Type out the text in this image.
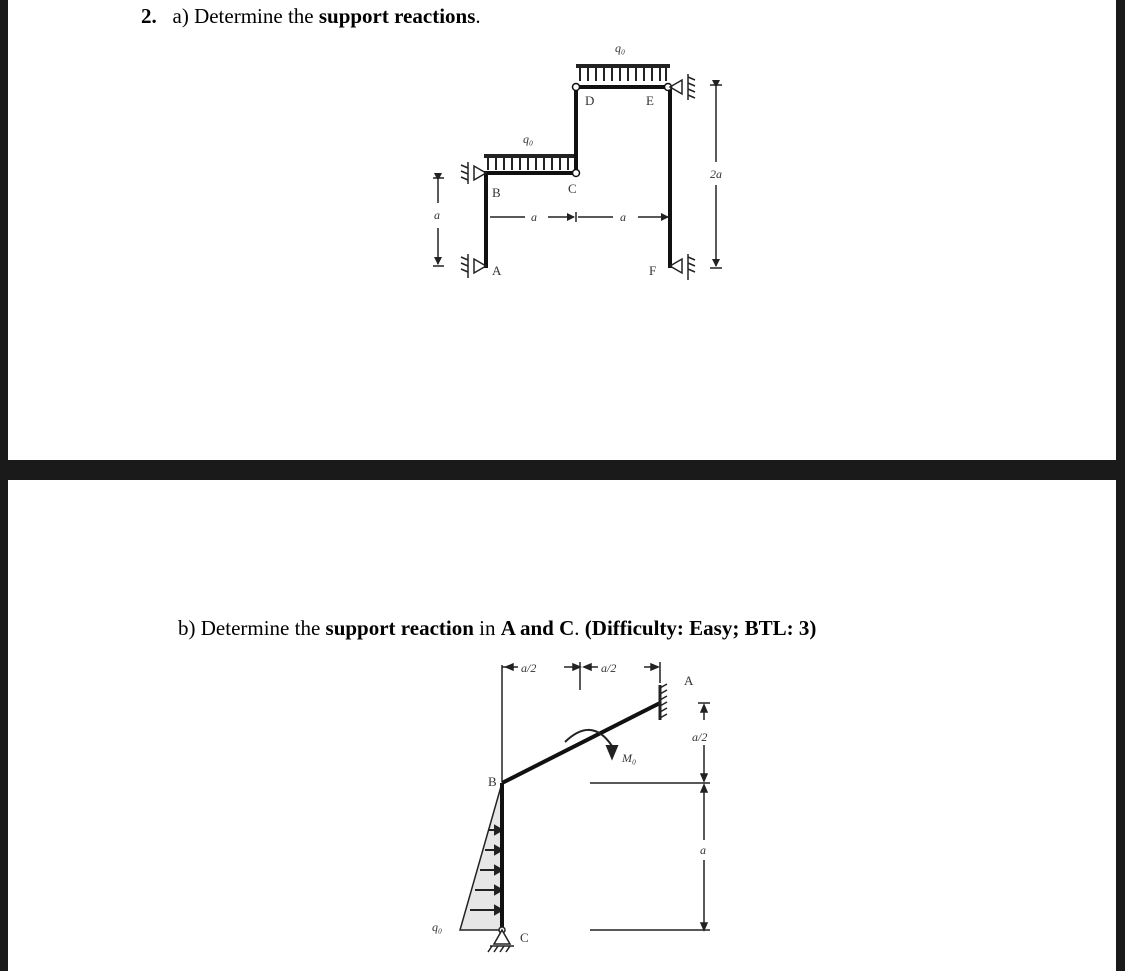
2. a) Determine the support reactions.
q₀
q₀
B	C
D	E
A	F
a	a	a
2a
b) Determine the support reaction in A and C. (Difficulty: Easy; BTL: 3)
q₀
M₀
B
C
A
a/2	a/2
a/2
a
